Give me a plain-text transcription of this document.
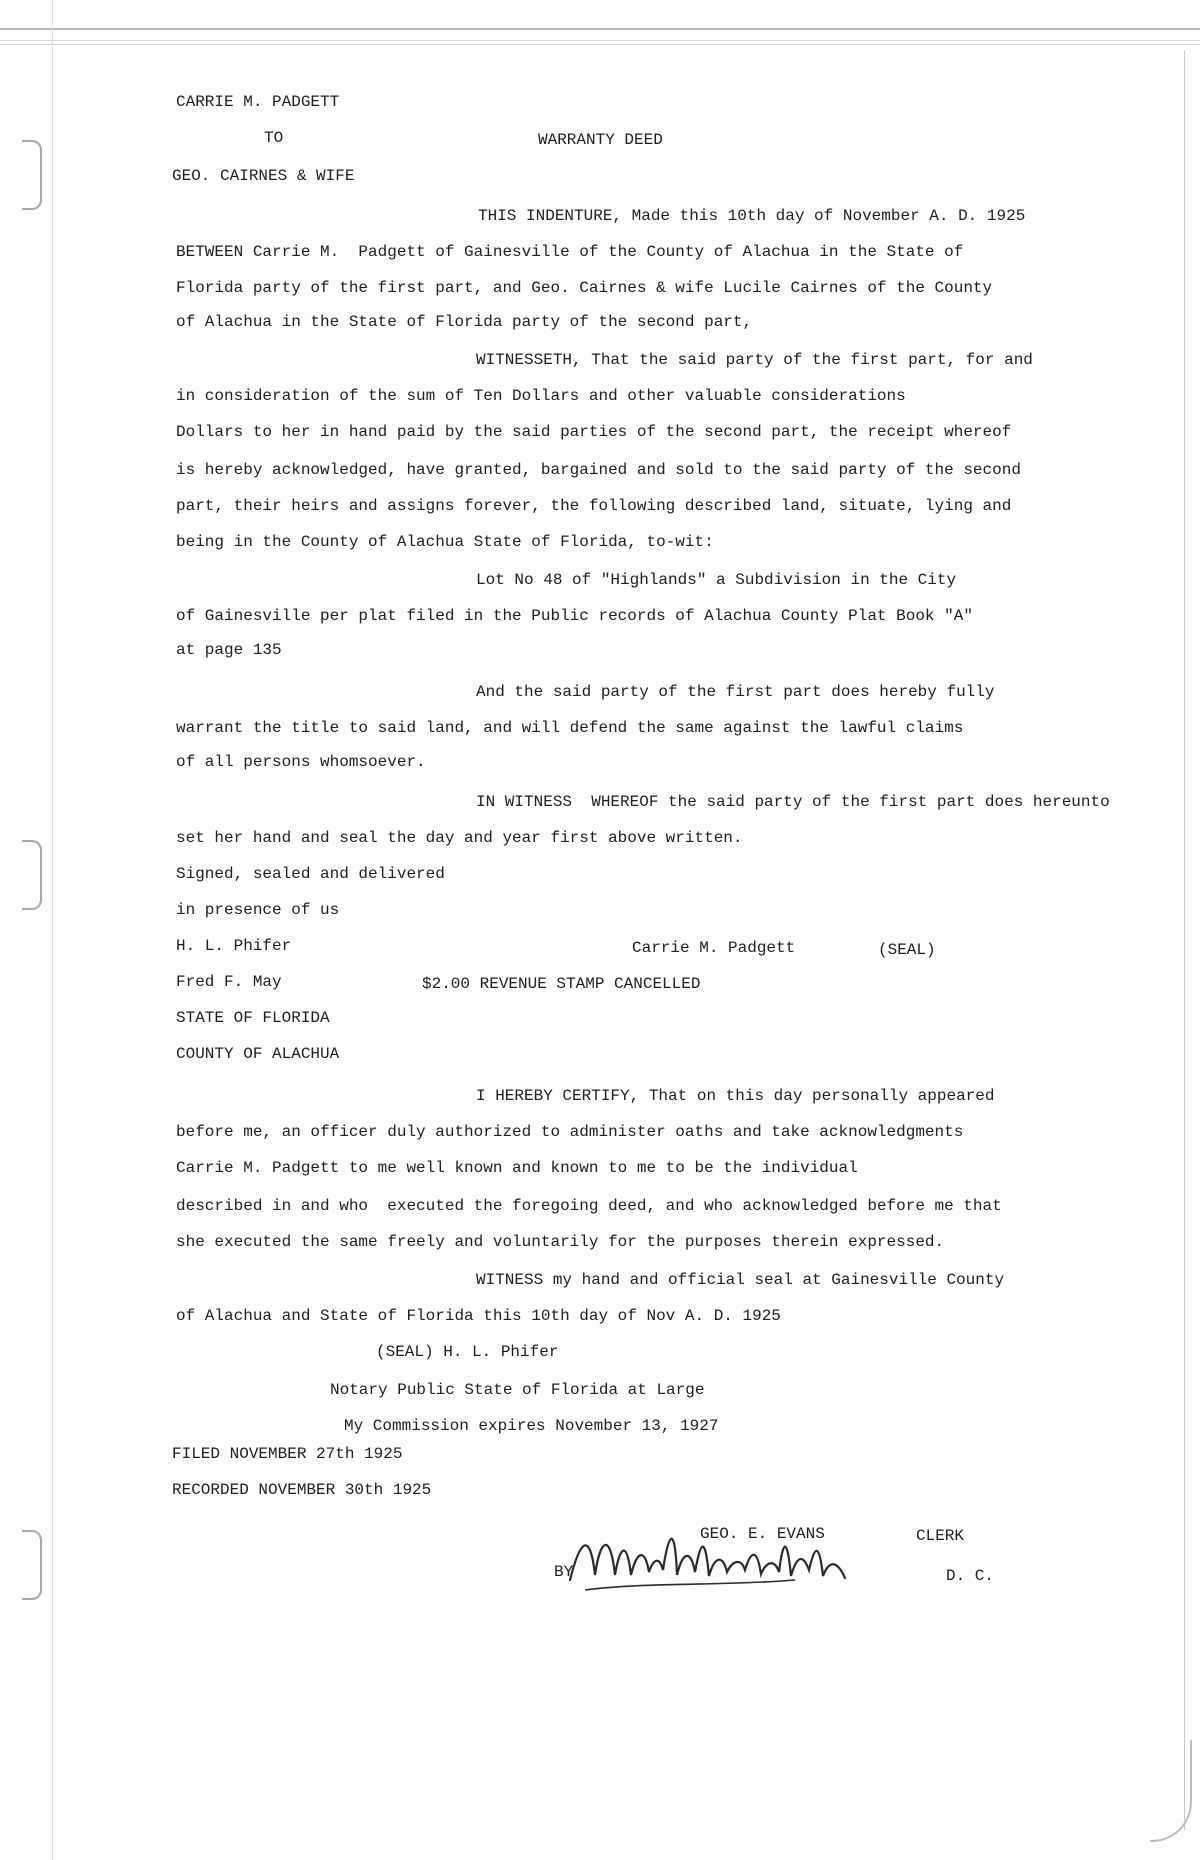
CARRIE M. PADGETT
TO	WARRANTY DEED
GEO. CAIRNES & WIFE
THIS INDENTURE, Made this 10th day of November A. D. 1925
BETWEEN Carrie M.  Padgett of Gainesville of the County of Alachua in the State of
Florida party of the first part, and Geo. Cairnes & wife Lucile Cairnes of the County
of Alachua in the State of Florida party of the second part,
WITNESSETH, That the said party of the first part, for and
in consideration of the sum of Ten Dollars and other valuable considerations
Dollars to her in hand paid by the said parties of the second part, the receipt whereof
is hereby acknowledged, have granted, bargained and sold to the said party of the second
part, their heirs and assigns forever, the following described land, situate, lying and
being in the County of Alachua State of Florida, to-wit:
Lot No 48 of "Highlands" a Subdivision in the City
of Gainesville per plat filed in the Public records of Alachua County Plat Book "A"
at page 135
And the said party of the first part does hereby fully
warrant the title to said land, and will defend the same against the lawful claims
of all persons whomsoever.
IN WITNESS  WHEREOF the said party of the first part does hereunto
set her hand and seal the day and year first above written.
Signed, sealed and delivered
in presence of us
H. L. Phifer	Carrie M. Padgett	(SEAL)
Fred F. May	$2.00 REVENUE STAMP CANCELLED
STATE OF FLORIDA
COUNTY OF ALACHUA
I HEREBY CERTIFY, That on this day personally appeared
before me, an officer duly authorized to administer oaths and take acknowledgments
Carrie M. Padgett to me well known and known to me to be the individual
described in and who  executed the foregoing deed, and who acknowledged before me that
she executed the same freely and voluntarily for the purposes therein expressed.
WITNESS my hand and official seal at Gainesville County
of Alachua and State of Florida this 10th day of Nov A. D. 1925
(SEAL) H. L. Phifer
Notary Public State of Florida at Large
My Commission expires November 13, 1927
FILED NOVEMBER 27th 1925
RECORDED NOVEMBER 30th 1925
GEO. E. EVANS	CLERK
BY	D. C.
